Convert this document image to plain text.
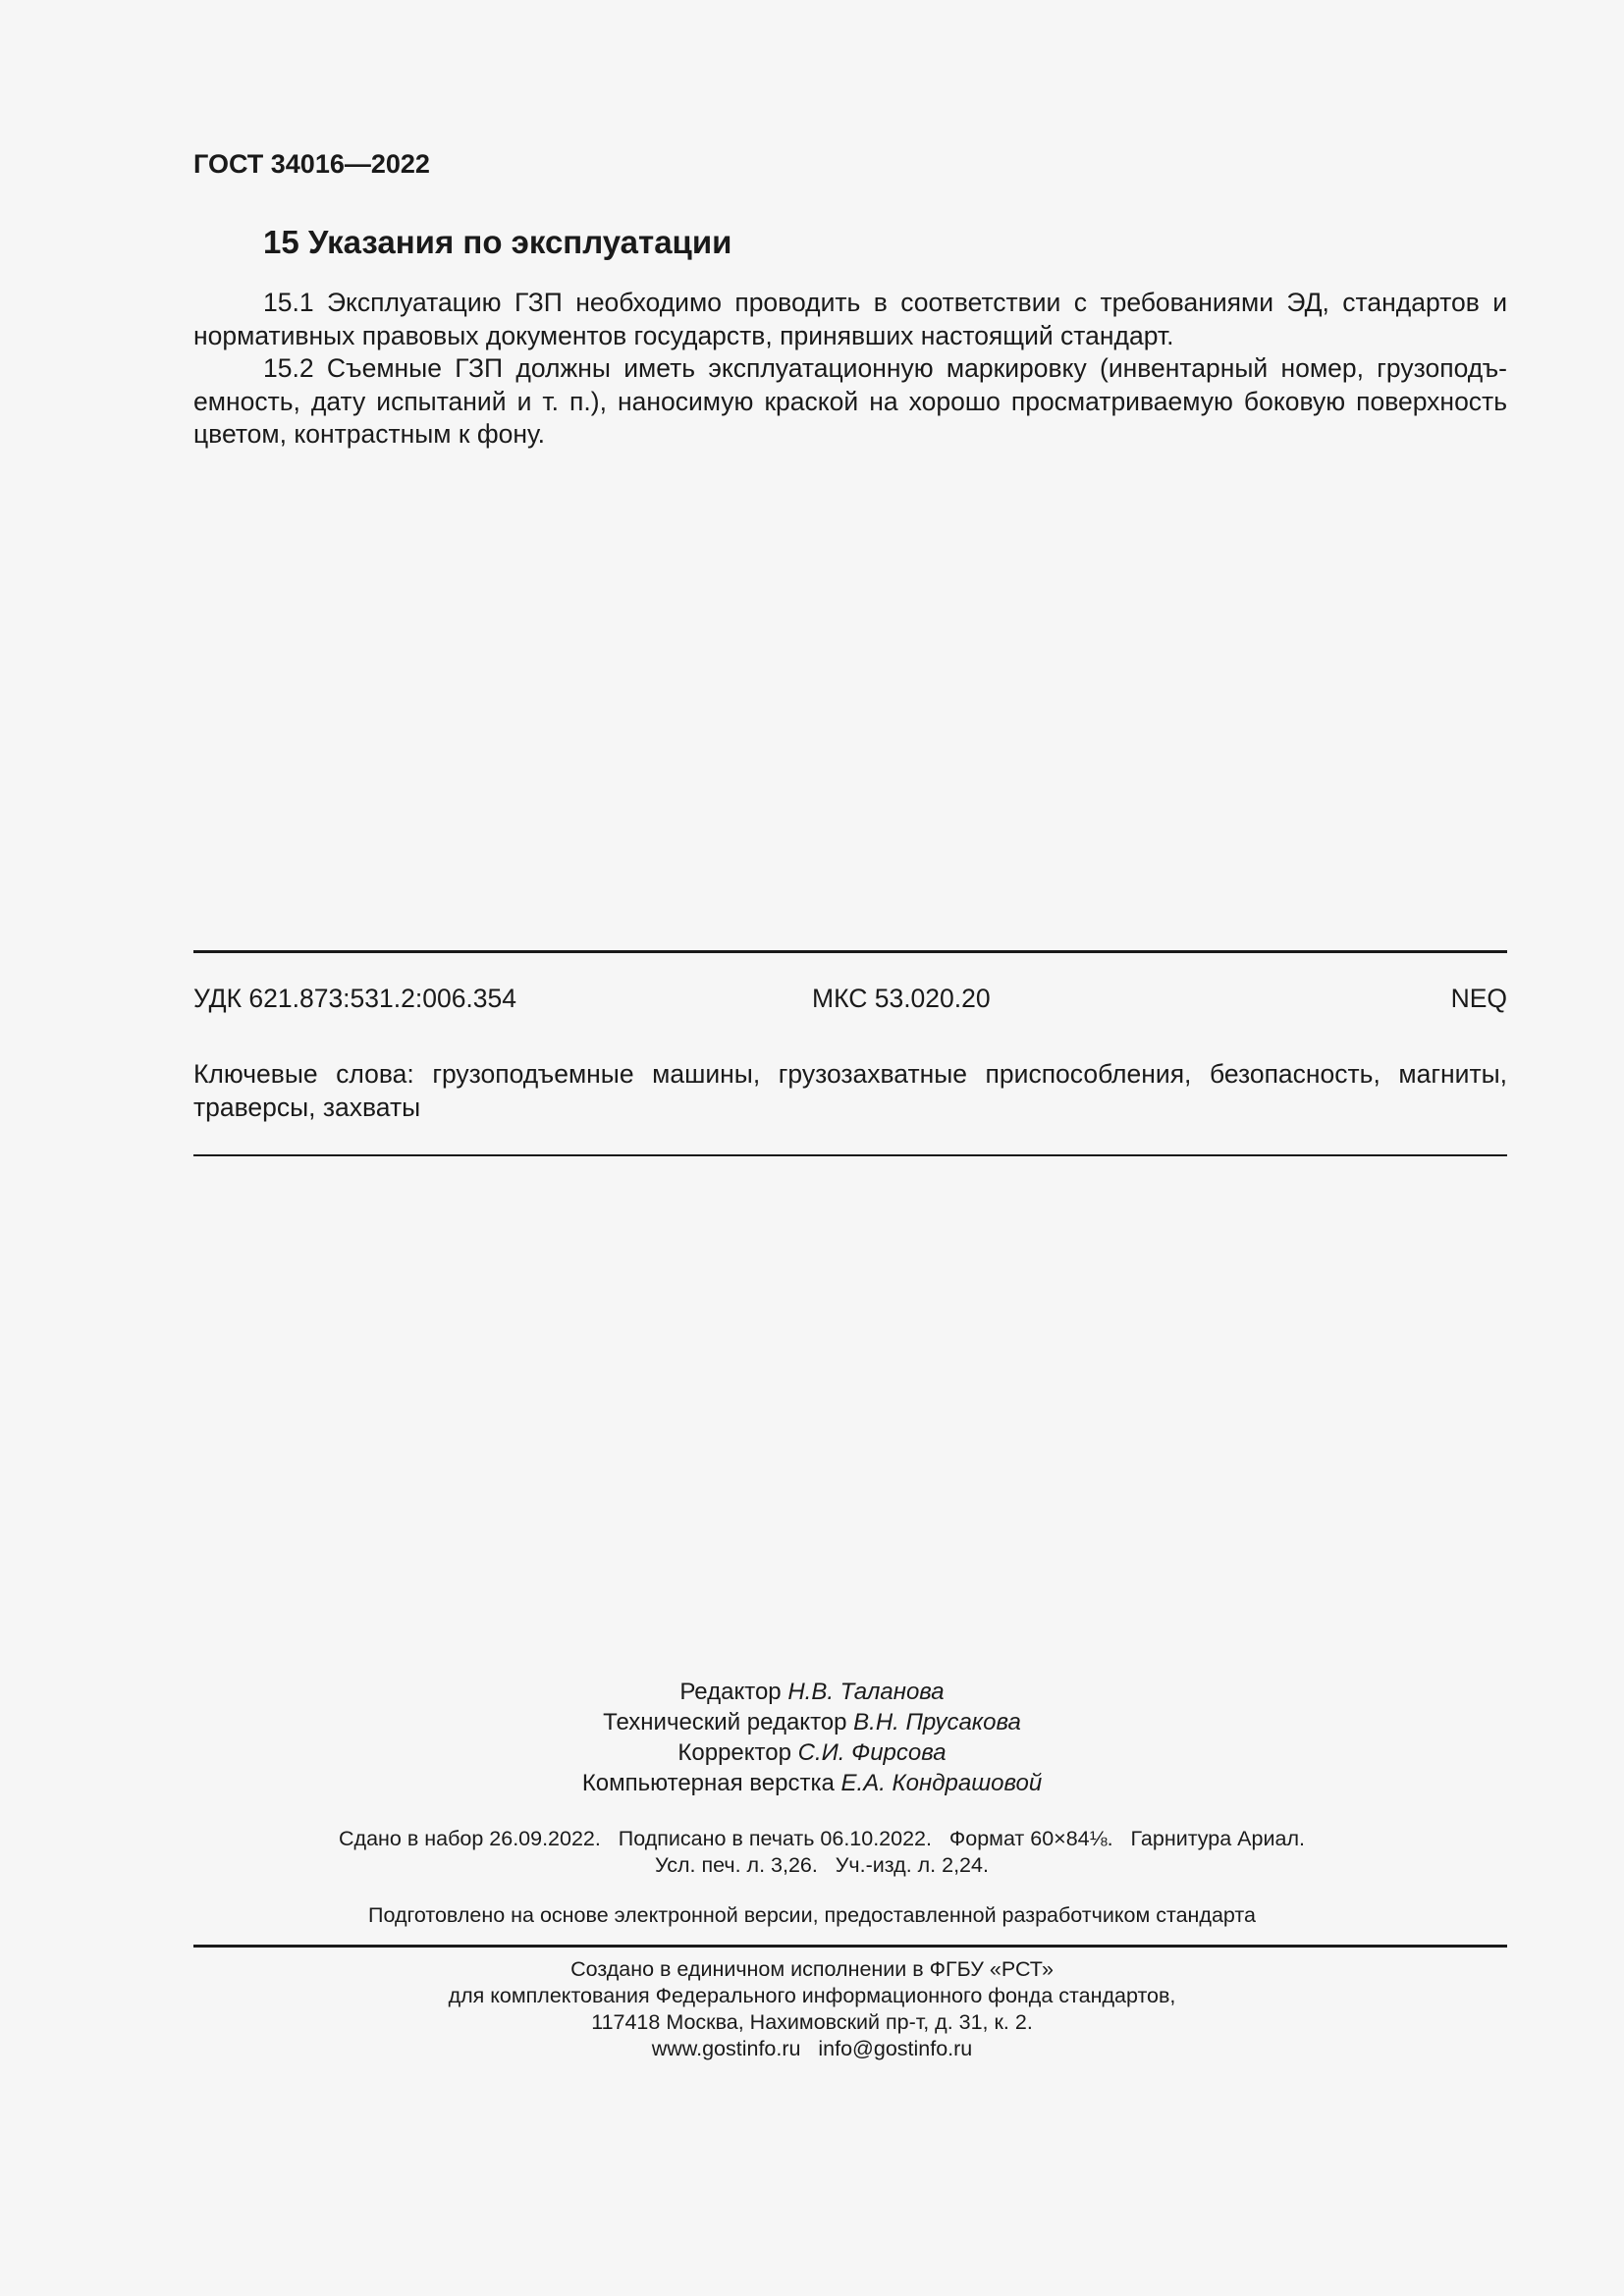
ГОСТ 34016—2022
15 Указания по эксплуатации
15.1 Эксплуатацию ГЗП необходимо проводить в соответствии с требованиями ЭД, стандартов и нормативных правовых документов государств, принявших настоящий стандарт.
15.2 Съемные ГЗП должны иметь эксплуатационную маркировку (инвентарный номер, грузоподъемность, дату испытаний и т. п.), наносимую краской на хорошо просматриваемую боковую поверхность цветом, контрастным к фону.
УДК 621.873:531.2:006.354	МКС 53.020.20	NEQ
Ключевые слова: грузоподъемные машины, грузозахватные приспособления, безопасность, магниты, траверсы, захваты
Редактор Н.В. Таланова
Технический редактор В.Н. Прусакова
Корректор С.И. Фирсова
Компьютерная верстка Е.А. Кондрашовой
Сдано в набор 26.09.2022.   Подписано в печать 06.10.2022.   Формат 60×84⅛.   Гарнитура Ариал.
Усл. печ. л. 3,26.   Уч.-изд. л. 2,24.
Подготовлено на основе электронной версии, предоставленной разработчиком стандарта
Создано в единичном исполнении в ФГБУ «РСТ»
для комплектования Федерального информационного фонда стандартов,
117418 Москва, Нахимовский пр-т, д. 31, к. 2.
www.gostinfo.ru   info@gostinfo.ru
